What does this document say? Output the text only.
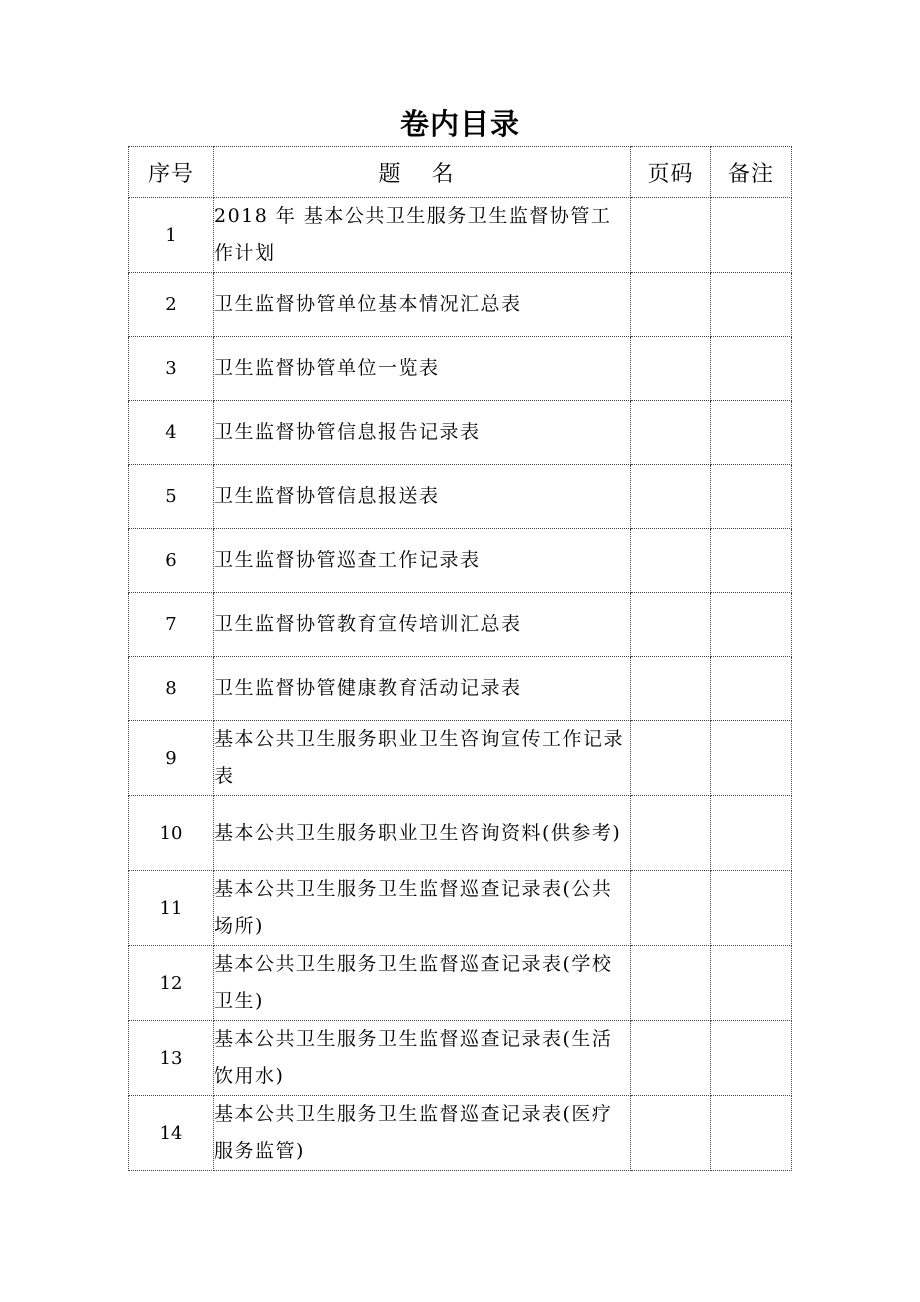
卷内目录
序号	题 名	页码	备注
1	2018 年 基本公共卫生服务卫生监督协管工作计划		
2	卫生监督协管单位基本情况汇总表		
3	卫生监督协管单位一览表		
4	卫生监督协管信息报告记录表		
5	卫生监督协管信息报送表		
6	卫生监督协管巡查工作记录表		
7	卫生监督协管教育宣传培训汇总表		
8	卫生监督协管健康教育活动记录表		
9	基本公共卫生服务职业卫生咨询宣传工作记录表		
10	基本公共卫生服务职业卫生咨询资料(供参考)		
11	基本公共卫生服务卫生监督巡查记录表(公共场所)		
12	基本公共卫生服务卫生监督巡查记录表(学校卫生)		
13	基本公共卫生服务卫生监督巡查记录表(生活饮用水)		
14	基本公共卫生服务卫生监督巡查记录表(医疗服务监管)		
